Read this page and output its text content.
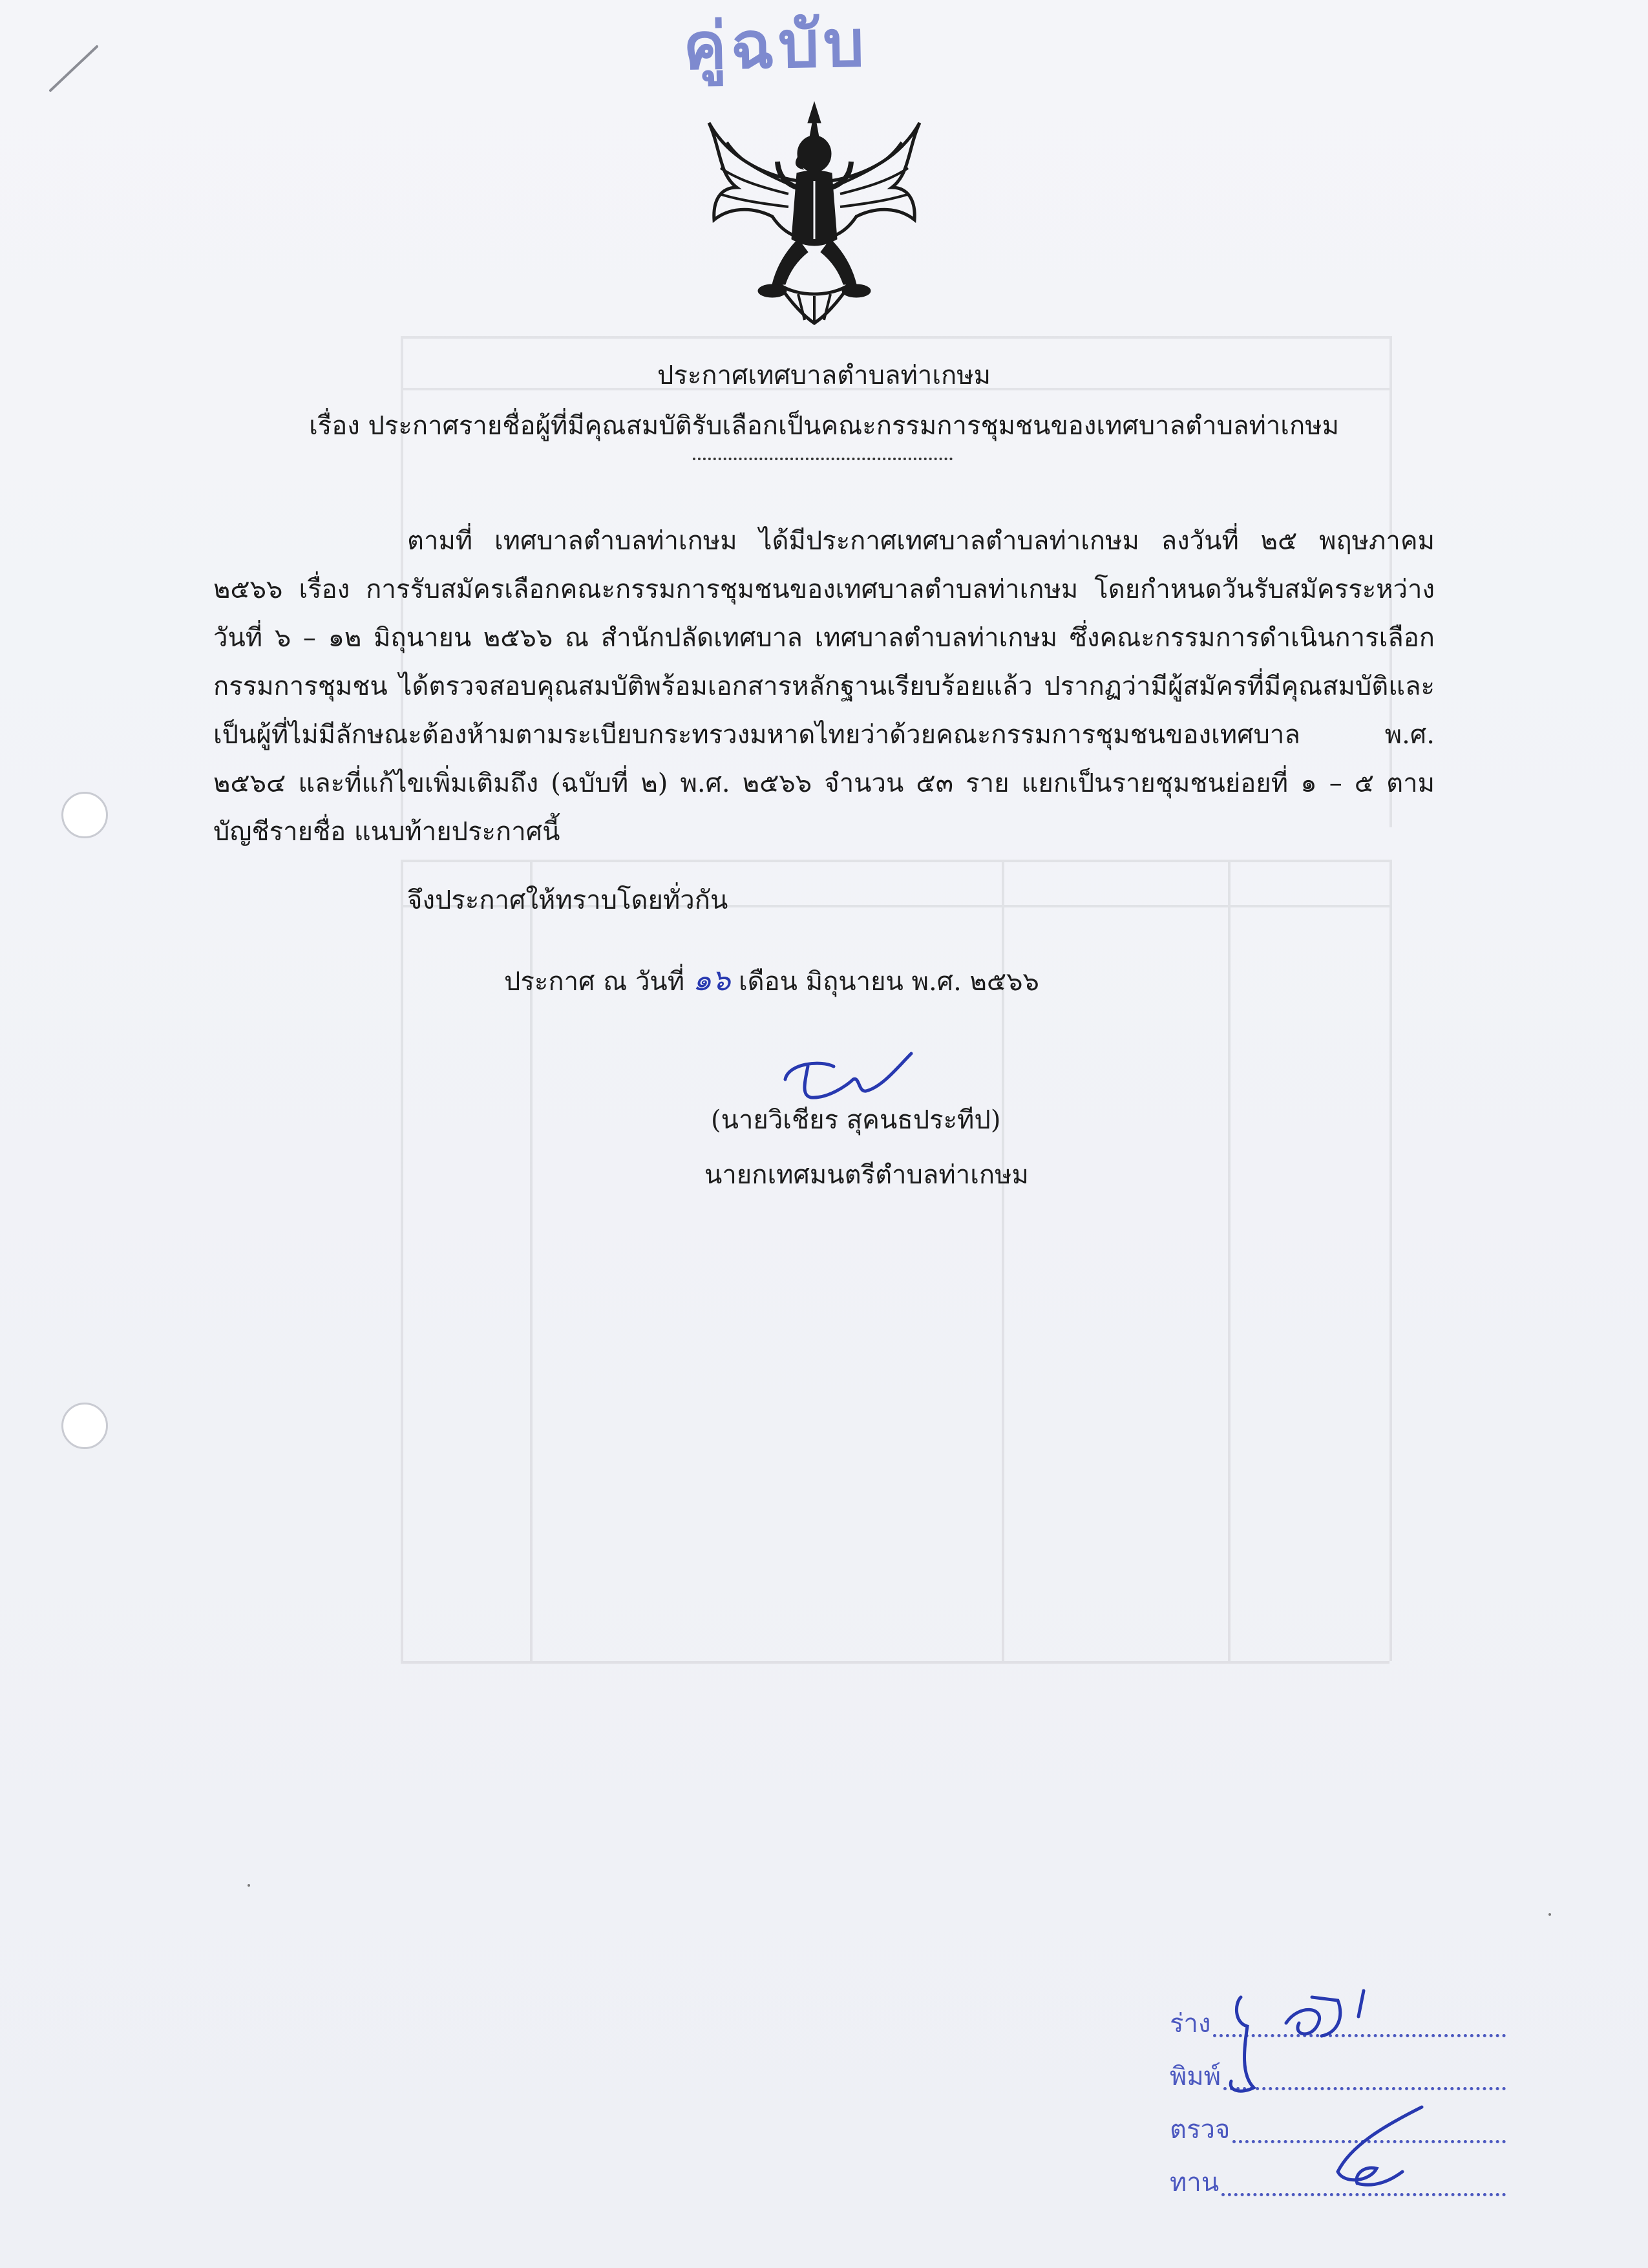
คู่ฉบับ
ประกาศเทศบาลตำบลท่าเกษม
เรื่อง ประกาศรายชื่อผู้ที่มีคุณสมบัติรับเลือกเป็นคณะกรรมการชุมชนของเทศบาลตำบลท่าเกษม
ตามที่ เทศบาลตำบลท่าเกษม ได้มีประกาศเทศบาลตำบลท่าเกษม ลงวันที่ ๒๕ พฤษภาคม ๒๕๖๖ เรื่อง การรับสมัครเลือกคณะกรรมการชุมชนของเทศบาลตำบลท่าเกษม โดยกำหนดวันรับสมัครระหว่าง วันที่ ๖ – ๑๒ มิถุนายน ๒๕๖๖ ณ สำนักปลัดเทศบาล เทศบาลตำบลท่าเกษม ซึ่งคณะกรรมการดำเนินการเลือก กรรมการชุมชน ได้ตรวจสอบคุณสมบัติพร้อมเอกสารหลักฐานเรียบร้อยแล้ว ปรากฏว่ามีผู้สมัครที่มีคุณสมบัติและ เป็นผู้ที่ไม่มีลักษณะต้องห้ามตามระเบียบกระทรวงมหาดไทยว่าด้วยคณะกรรมการชุมชนของเทศบาล พ.ศ. ๒๕๖๔ และที่แก้ไขเพิ่มเติมถึง (ฉบับที่ ๒) พ.ศ. ๒๕๖๖ จำนวน ๕๓ ราย แยกเป็นรายชุมชนย่อยที่ ๑ – ๕ ตามบัญชีรายชื่อ แนบท้ายประกาศนี้
จึงประกาศให้ทราบโดยทั่วกัน
ประกาศ ณ วันที่ ๑๖ เดือน มิถุนายน พ.ศ. ๒๕๖๖
(นายวิเชียร สุคนธประทีป)
นายกเทศมนตรีตำบลท่าเกษม
ร่าง
พิมพ์
ตรวจ
ทาน
